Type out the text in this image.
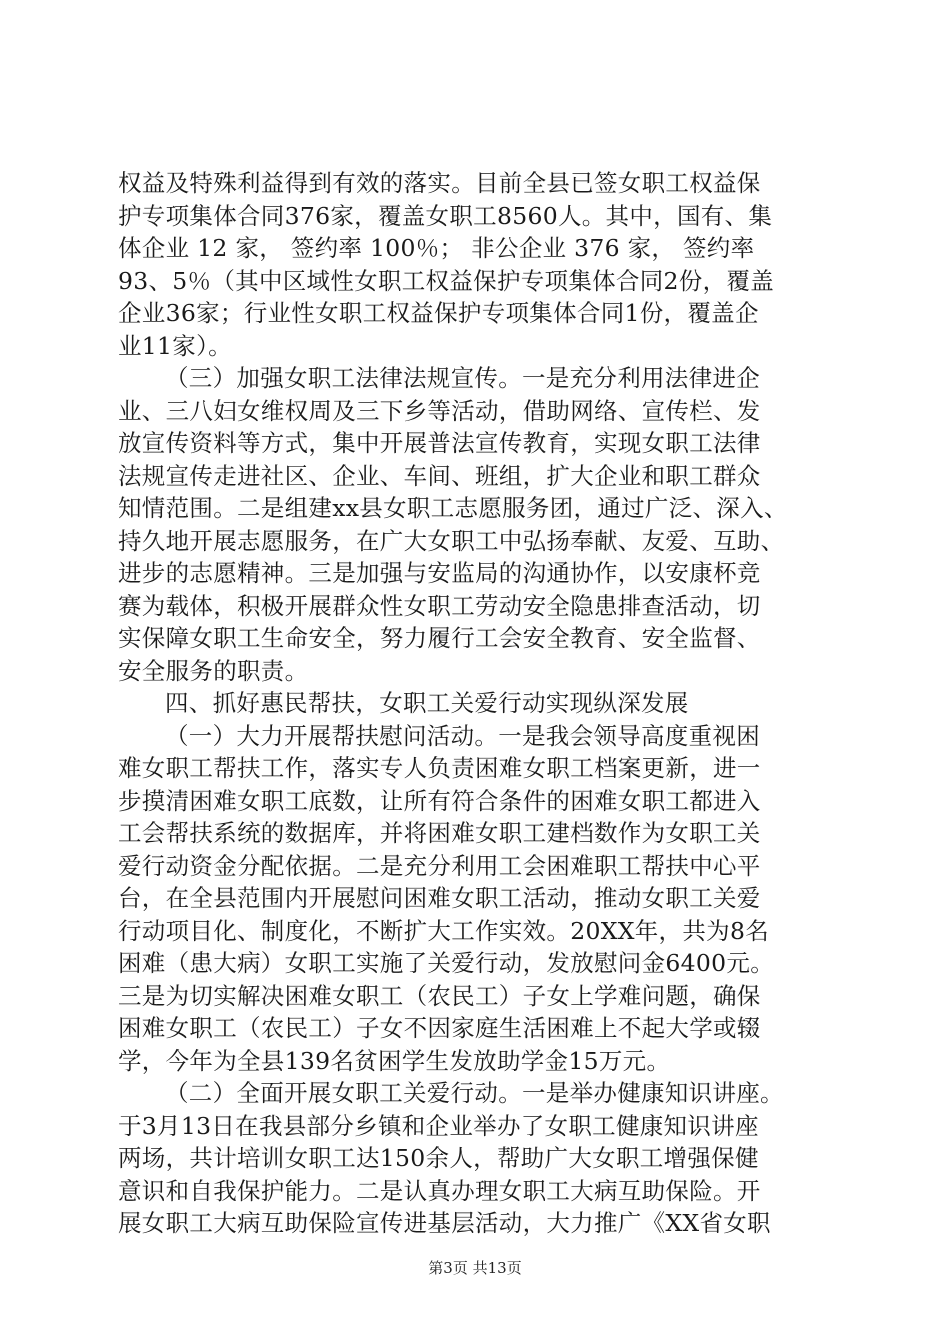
权益及特殊利益得到有效的落实。目前全县已签女职工权益保
护专项集体合同376家，覆盖女职工8560人。其中，国有、集
体企业 12 家， 签约率 100％； 非公企业 376 家， 签约率
93、5％（其中区域性女职工权益保护专项集体合同2份，覆盖
企业36家；行业性女职工权益保护专项集体合同1份，覆盖企
业11家）。
（三）加强女职工法律法规宣传。一是充分利用法律进企
业、三八妇女维权周及三下乡等活动，借助网络、宣传栏、发
放宣传资料等方式，集中开展普法宣传教育，实现女职工法律
法规宣传走进社区、企业、车间、班组，扩大企业和职工群众
知情范围。二是组建xx县女职工志愿服务团，通过广泛、深入、
持久地开展志愿服务，在广大女职工中弘扬奉献、友爱、互助、
进步的志愿精神。三是加强与安监局的沟通协作，以安康杯竞
赛为载体，积极开展群众性女职工劳动安全隐患排查活动，切
实保障女职工生命安全，努力履行工会安全教育、安全监督、
安全服务的职责。
四、抓好惠民帮扶，女职工关爱行动实现纵深发展
（一）大力开展帮扶慰问活动。一是我会领导高度重视困
难女职工帮扶工作，落实专人负责困难女职工档案更新，进一
步摸清困难女职工底数，让所有符合条件的困难女职工都进入
工会帮扶系统的数据库，并将困难女职工建档数作为女职工关
爱行动资金分配依据。二是充分利用工会困难职工帮扶中心平
台，在全县范围内开展慰问困难女职工活动，推动女职工关爱
行动项目化、制度化，不断扩大工作实效。20XX年，共为8名
困难（患大病）女职工实施了关爱行动，发放慰问金6400元。
三是为切实解决困难女职工（农民工）子女上学难问题，确保
困难女职工（农民工）子女不因家庭生活困难上不起大学或辍
学，今年为全县139名贫困学生发放助学金15万元。
（二）全面开展女职工关爱行动。一是举办健康知识讲座。
于3月13日在我县部分乡镇和企业举办了女职工健康知识讲座
两场，共计培训女职工达150余人，帮助广大女职工增强保健
意识和自我保护能力。二是认真办理女职工大病互助保险。开
展女职工大病互助保险宣传进基层活动，大力推广《XX省女职
第3页 共13页
